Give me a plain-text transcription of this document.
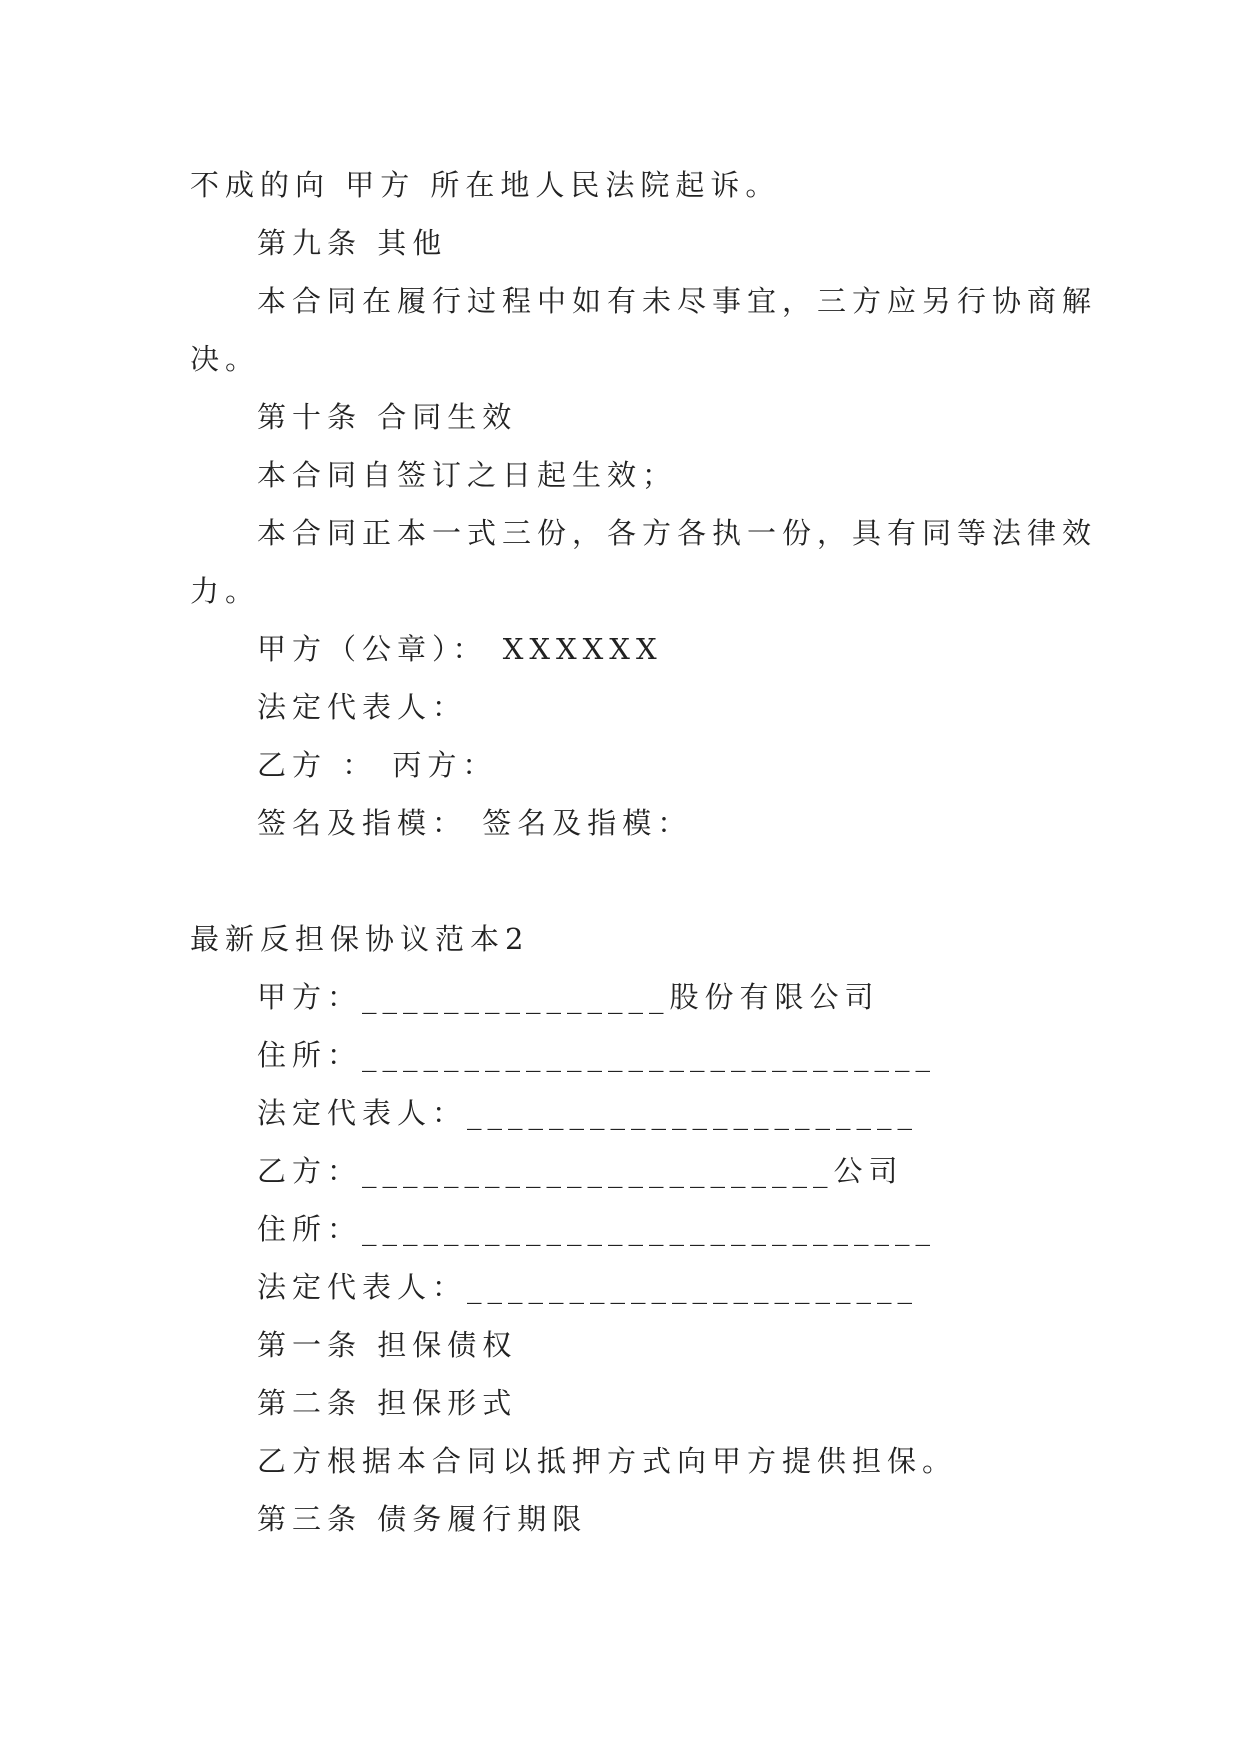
不成的向 甲方 所在地人民法院起诉。
第九条 其他
本合同在履行过程中如有未尽事宜，三方应另行协商解
决。
第十条 合同生效
本合同自签订之日起生效；
本合同正本一式三份，各方各执一份，具有同等法律效
力。
甲方（公章）： XXXXXX
法定代表人：
乙方 ： 丙方：
签名及指模： 签名及指模：
最新反担保协议范本2
甲方：_______________股份有限公司
住所：____________________________
法定代表人：______________________
乙方：_______________________公司
住所：____________________________
法定代表人：______________________
第一条 担保债权
第二条 担保形式
乙方根据本合同以抵押方式向甲方提供担保。
第三条 债务履行期限
